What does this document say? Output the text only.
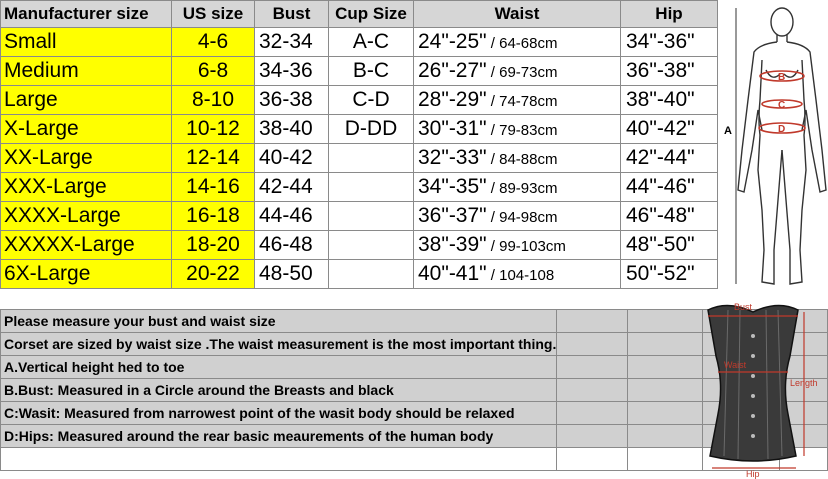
Manufacturer size	US size	Bust	Cup Size	Waist	Hip
Small	4-6	32-34	A-C	24"-25" / 64-68cm	34"-36"
Medium	6-8	34-36	B-C	26"-27" / 69-73cm	36"-38"
Large	8-10	36-38	C-D	28"-29" / 74-78cm	38"-40"
X-Large	10-12	38-40	D-DD	30"-31" / 79-83cm	40"-42"
XX-Large	12-14	40-42		32"-33" / 84-88cm	42"-44"
XXX-Large	14-16	42-44		34"-35" / 89-93cm	44"-46"
XXXX-Large	16-18	44-46		36"-37" / 94-98cm	46"-48"
XXXXX-Large	18-20	46-48		38"-39" / 99-103cm	48"-50"
6X-Large	20-22	48-50		40"-41" / 104-108	50"-52"
Please measure your bust and waist size				
Corset are sized by waist size .The waist measurement is the most important thing.				
A.Vertical height hed to toe				
B.Bust: Measured in a Circle around the Breasts and black				
C:Wasit: Measured from narrowest point of the wasit body should be relaxed				
D:Hips: Measured around the rear basic meaurements of the human body				

A
B
C
D
Bust
Waist
Length
Hip
